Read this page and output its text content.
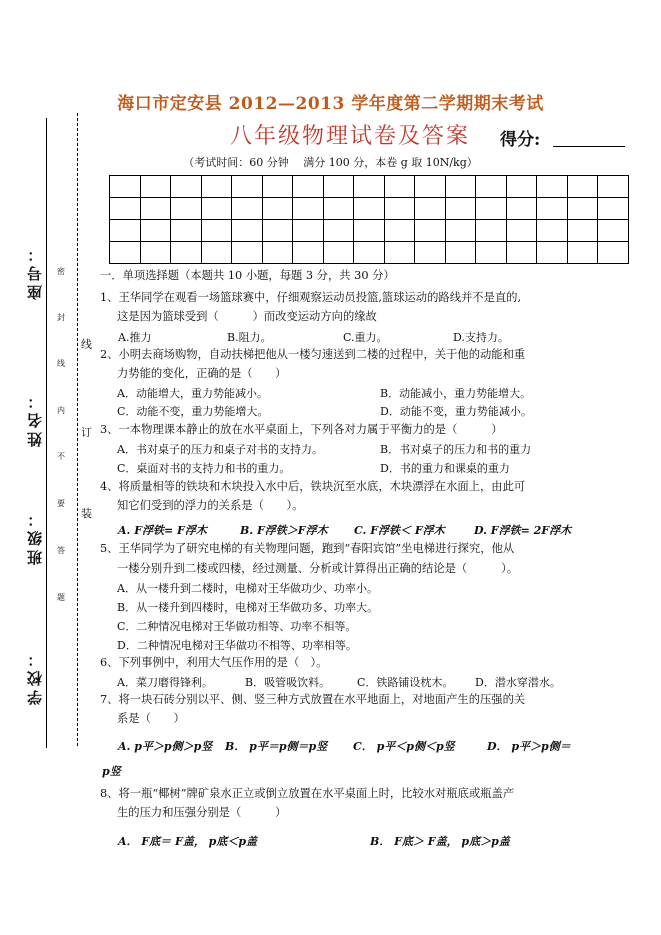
海口市定安县 2012—2013 学年度第二学期期末考试
八年级物理试卷及答案 得分:
（考试时间：60 分钟　 满分 100 分，本卷 g 取 10N/kg）

学校：
班级：
姓名：
座号： 密
封
线
内
不
要
答
题
线
订
装
一．单项选择题（本题共 10 小题，每题 3 分，共 30 分）
1、王华同学在观看一场篮球赛中，仔细观察运动员投篮,篮球运动的路线并不是直的,
这是因为篮球受到（　　　）而改变运动方向的缘故
A.推力	B.阻力。	C.重力。	D.支持力。
2、小明去商场购物，自动扶梯把他从一楼匀速送到二楼的过程中，关于他的动能和重
力势能的变化，正确的是（　　）
A．动能增大，重力势能减小。	B．动能减小，重力势能增大。
C．动能不变，重力势能增大。	D．动能不变，重力势能减小。
3、一本物理课本静止的放在水平桌面上，下列各对力属于平衡力的是（　　　）
A．书对桌子的压力和桌子对书的支持力。	B．书对桌子的压力和书的重力
C．桌面对书的支持力和书的重力。	D．书的重力和课桌的重力
4、将质量相等的铁块和木块投入水中后，铁块沉至水底，木块漂浮在水面上，由此可
知它们受到的浮力的关系是（　　）。
A. F浮铁= F浮木	B. F浮铁＞F浮木 C. F浮铁＜ F浮木	D. F浮铁= 2F浮木
5、王华同学为了研究电梯的有关物理问题，跑到“春阳宾馆”坐电梯进行探究，他从
一楼分别升到二楼或四楼，经过测量、分析或计算得出正确的结论是（　　　）。
A．从一楼升到二楼时，电梯对王华做功少、功率小。
B．从一楼升到四楼时，电梯对王华做功多、功率大。
C．二种情况电梯对王华做功相等、功率不相等。
D．二种情况电梯对王华做功不相等、功率相等。
6、下列事例中，利用大气压作用的是（　）。
A．菜刀磨得锋利。	B．吸管吸饮料。 C．铁路铺设枕木。 D．潜水穿潜水。
7、将一块石砖分别以平、侧、竖三种方式放置在水平地面上，对地面产生的压强的关
系是（　　）
A. p平＞p侧＞p竖 B． p平＝p侧＝p竖 C． p平＜p侧＜p竖	D． p平＞p侧＝
p竖
8、将一瓶“椰树”牌矿泉水正立或倒立放置在水平桌面上时，比较水对瓶底或瓶盖产
生的压力和压强分别是（　　　）
A． F底＝ F盖， p底＜p盖	B． F底＞ F盖， p底＞p盖
